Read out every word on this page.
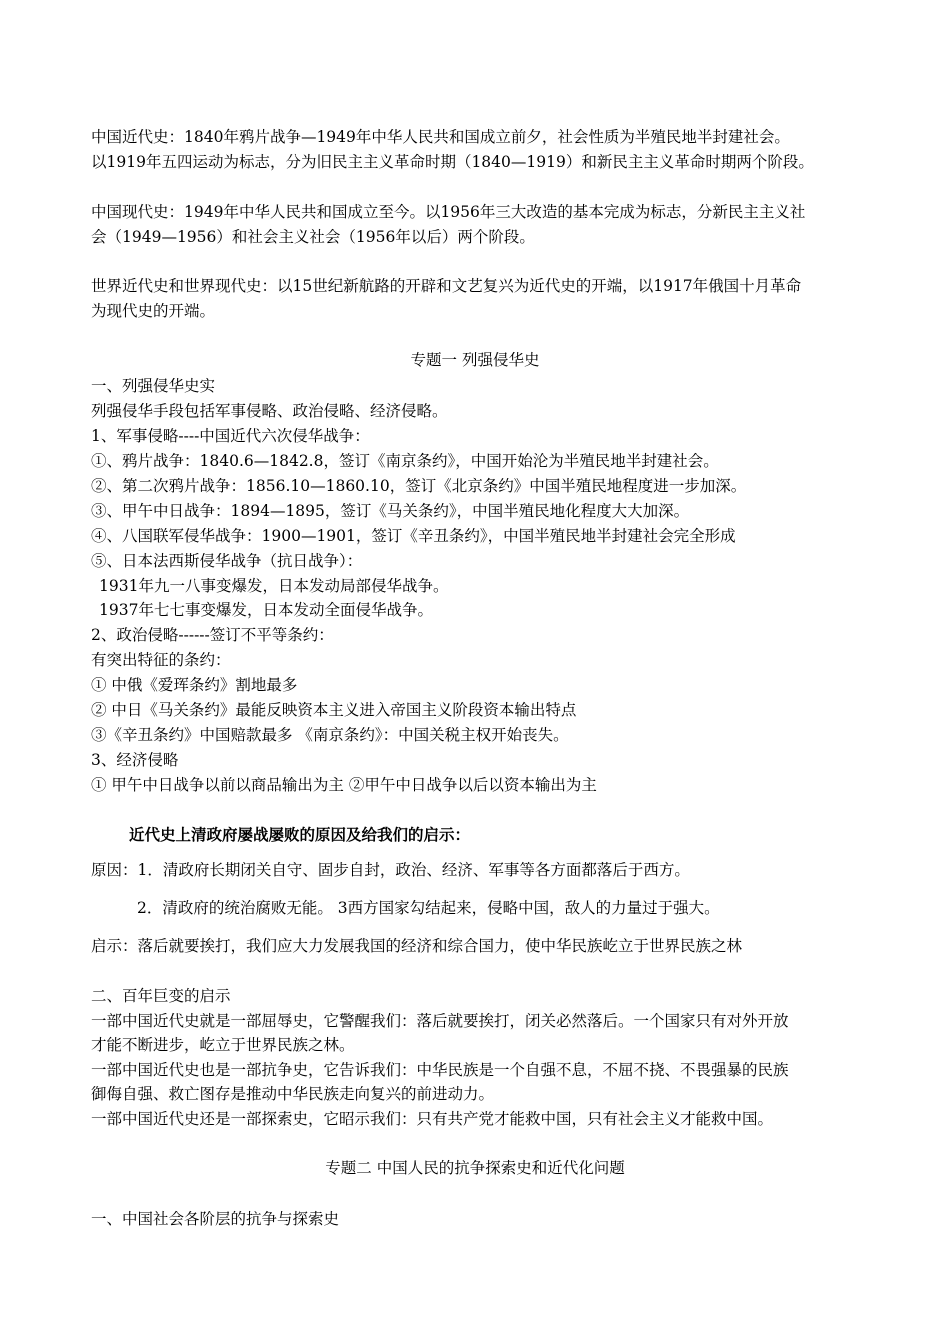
中国近代史：1840年鸦片战争—1949年中华人民共和国成立前夕，社会性质为半殖民地半封建社会。
以1919年五四运动为标志，分为旧民主主义革命时期（1840—1919）和新民主主义革命时期两个阶段。
中国现代史：1949年中华人民共和国成立至今。以1956年三大改造的基本完成为标志，分新民主主义社
会（1949—1956）和社会主义社会（1956年以后）两个阶段。
世界近代史和世界现代史：以15世纪新航路的开辟和文艺复兴为近代史的开端，以1917年俄国十月革命
为现代史的开端。
专题一 列强侵华史
一、列强侵华史实
列强侵华手段包括军事侵略、政治侵略、经济侵略。
1、军事侵略----中国近代六次侵华战争：
①、鸦片战争：1840.6—1842.8，签订《南京条约》，中国开始沦为半殖民地半封建社会。
②、第二次鸦片战争：1856.10—1860.10，签订《北京条约》中国半殖民地程度进一步加深。
③、甲午中日战争：1894—1895，签订《马关条约》，中国半殖民地化程度大大加深。
④、八国联军侵华战争：1900—1901，签订《辛丑条约》，中国半殖民地半封建社会完全形成
⑤、日本法西斯侵华战争（抗日战争）：
1931年九一八事变爆发，日本发动局部侵华战争。
1937年七七事变爆发，日本发动全面侵华战争。
2、政治侵略------签订不平等条约：
有突出特征的条约：
① 中俄《爱珲条约》割地最多
② 中日《马关条约》最能反映资本主义进入帝国主义阶段资本输出特点
③《辛丑条约》中国赔款最多 《南京条约》：中国关税主权开始丧失。
3、经济侵略
① 甲午中日战争以前以商品输出为主 ②甲午中日战争以后以资本输出为主
近代史上清政府屡战屡败的原因及给我们的启示：
原因：1．清政府长期闭关自守、固步自封，政治、经济、军事等各方面都落后于西方。
2．清政府的统治腐败无能。 3西方国家勾结起来，侵略中国，敌人的力量过于强大。
启示：落后就要挨打，我们应大力发展我国的经济和综合国力，使中华民族屹立于世界民族之林
二、百年巨变的启示
一部中国近代史就是一部屈辱史，它警醒我们：落后就要挨打，闭关必然落后。一个国家只有对外开放
才能不断进步，屹立于世界民族之林。
一部中国近代史也是一部抗争史，它告诉我们：中华民族是一个自强不息，不屈不挠、不畏强暴的民族
御侮自强、救亡图存是推动中华民族走向复兴的前进动力。
一部中国近代史还是一部探索史，它昭示我们：只有共产党才能救中国，只有社会主义才能救中国。
专题二 中国人民的抗争探索史和近代化问题
一、中国社会各阶层的抗争与探索史
